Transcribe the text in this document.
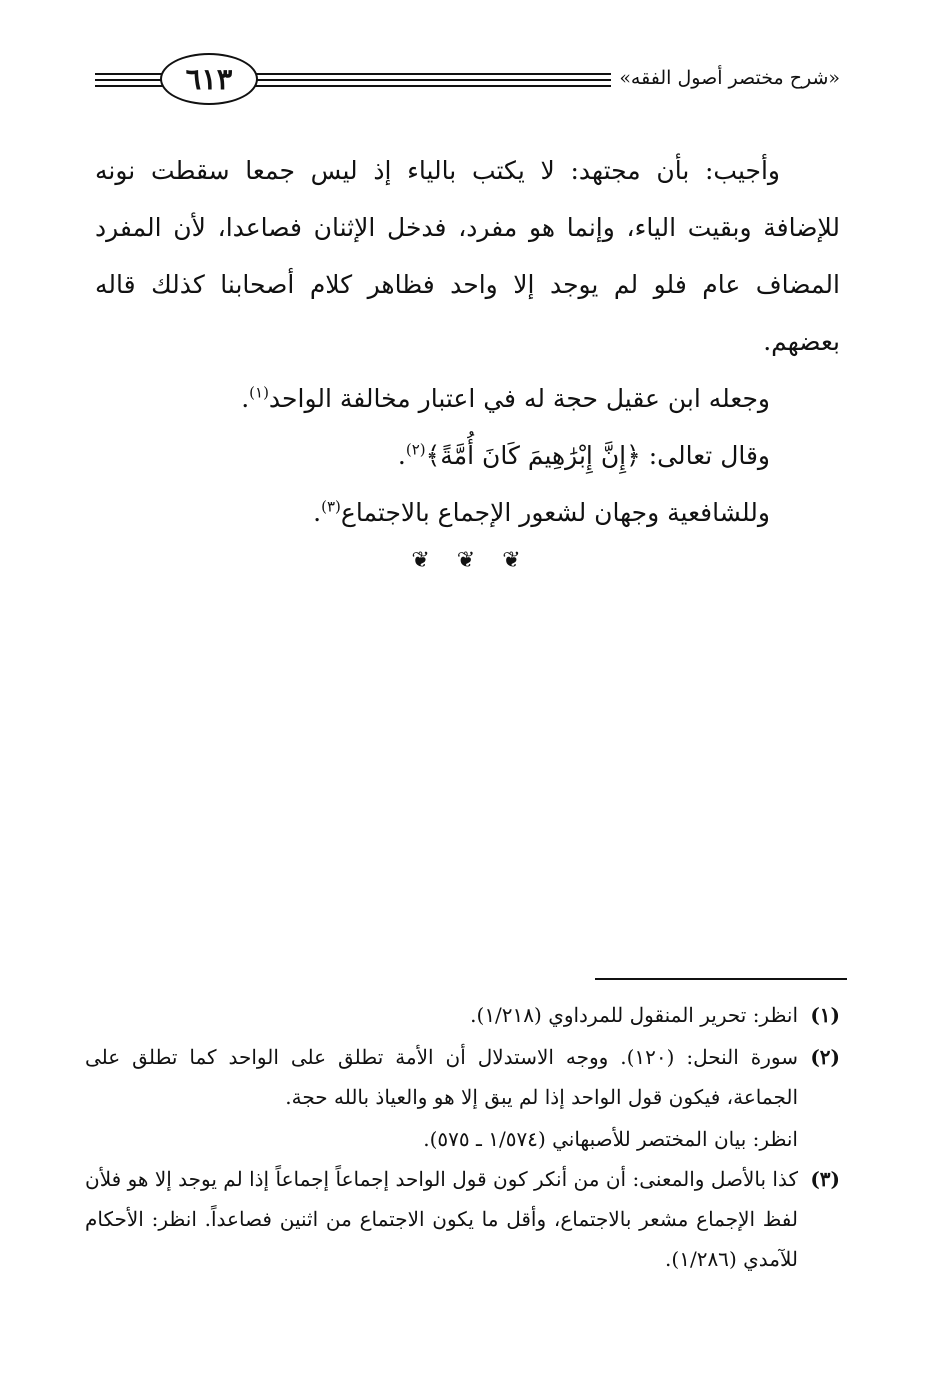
٦١٣	«شرح مختصر أصول الفقه»

وأجيب: بأن مجتهد: لا يكتب بالياء إذ ليس جمعا سقطت نونه للإضافة وبقيت الياء، وإنما هو مفرد، فدخل الإثنان فصاعدا، لأن المفرد المضاف عام فلو لم يوجد إلا واحد فظاهر كلام أصحابنا كذلك قاله بعضهم.

وجعله ابن عقيل حجة له في اعتبار مخالفة الواحد$^{(١)}$.

وقال تعالى: ﴿إِنَّ إِبْرَٰهِيمَ كَانَ أُمَّةً﴾$^{(٢)}$.

وللشافعية وجهان لشعور الإجماع بالاجتماع$^{(٣)}$.

❦ ❦ ❦
(١)
انظر: تحرير المنقول للمرداوي (١/٢١٨).
(٢)
سورة النحل: (١٢٠). ووجه الاستدلال أن الأمة تطلق على الواحد كما تطلق على الجماعة، فيكون قول الواحد إذا لم يبق إلا هو والعياذ بالله حجة.

انظر: بيان المختصر للأصبهاني (١/٥٧٤ ـ ٥٧٥).

(٣)
كذا بالأصل والمعنى: أن من أنكر كون قول الواحد إجماعاً إجماعاً إذا لم يوجد إلا هو فلأن لفظ الإجماع مشعر بالاجتماع، وأقل ما يكون الاجتماع من اثنين فصاعداً. انظر: الأحكام للآمدي (١/٢٨٦).
